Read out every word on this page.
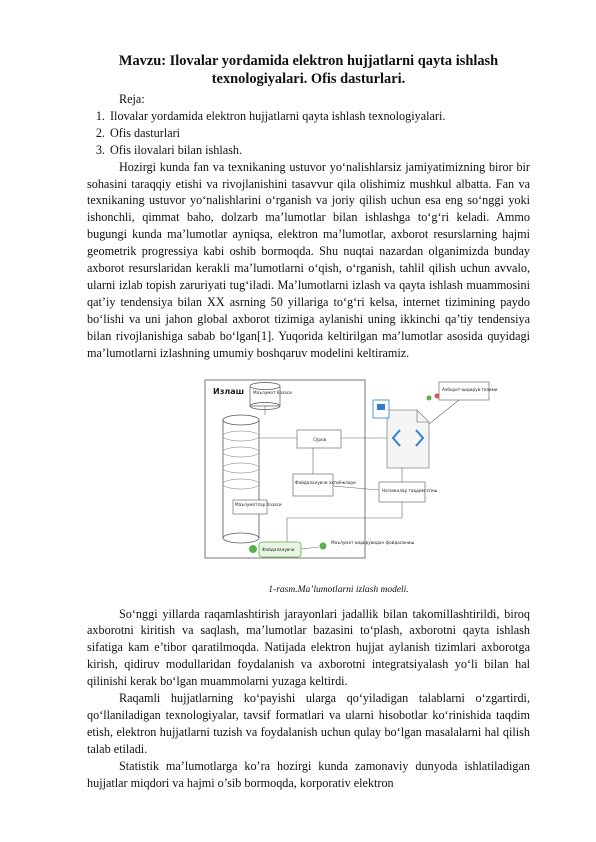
Mavzu: Ilovalar yordamida elektron hujjatlarni qayta ishlash
texnologiyalari. Ofis dasturlari.

Reja:

1. Ilovalar yordamida elektron hujjatlarni qayta ishlash texnologiyalari.
2. Ofis dasturlari
3. Ofis ilovalari bilan ishlash.

Hozirgi kunda fan va texnikaning ustuvor yo‘nalishlarsiz jamiyatimizning biror bir sohasini taraqqiy etishi va rivojlanishini tasavvur qila olishimiz mushkul albatta. Fan va texnikaning ustuvor yo‘nalishlarini o‘rganish va joriy qilish uchun esa eng so‘nggi yoki ishonchli, qimmat baho, dolzarb ma’lumotlar bilan ishlashga to‘g‘ri keladi. Ammo bugungi kunda ma’lumotlar ayniqsa, elektron ma’lumotlar, axborot resurslarning hajmi geometrik progressiya kabi oshib bormoqda. Shu nuqtai nazardan olganimizda bunday axborot resurslaridan kerakli ma’lumotlarni o‘qish, o‘rganish, tahlil qilish uchun avvalo, ularni izlab topish zaruriyati tug‘iladi. Ma’lumotlarni izlash va qayta ishlash muammosini qat’iy tendensiya bilan XX asrning 50 yillariga to‘g‘ri kelsa, internet tizimining paydo bo‘lishi va uni jahon global axborot tizimiga aylanishi uning ikkinchi qa’tiy tendensiya bilan rivojlanishiga sabab bo‘lgan[1]. Yuqorida keltirilgan ma’lumotlar asosida quyidagi ma’lumotlarni izlashning umumiy boshqaruv modelini keltiramiz.

Излаш Маълумот базаси
Маълумотлар базаси
Сўров
Фойдаланувчи эҳтиёжлари
Ахборот-қидирув тизими
Натижалар тақдим этиш
Фойдаланувчи
Маълумот қидирувидан фойдаланиш
1-rasm.Ma’lumotlarni izlash modeli.

So‘nggi yillarda raqamlashtirish jarayonlari jadallik bilan takomillashtirildi, biroq axborotni kiritish va saqlash, ma’lumotlar bazasini to‘plash, axborotni qayta ishlash sifatiga kam e’tibor qaratilmoqda. Natijada elektron hujjat aylanish tizimlari axborotga kirish, qidiruv modullaridan foydalanish va axborotni integratsiyalash yo‘li bilan hal qilinishi kerak bo‘lgan muammolarni yuzaga keltirdi.

Raqamli hujjatlarning ko‘payishi ularga qo‘yiladigan talablarni o‘zgartirdi, qo‘llaniladigan texnologiyalar, tavsif formatlari va ularni hisobotlar ko‘rinishida taqdim etish, elektron hujjatlarni tuzish va foydalanish uchun qulay bo‘lgan masalalarni hal qilish talab etiladi.

Statistik ma’lumotlarga ko’ra hozirgi kunda zamonaviy dunyoda ishlatiladigan hujjatlar miqdori va hajmi o’sib bormoqda, korporativ elektron
